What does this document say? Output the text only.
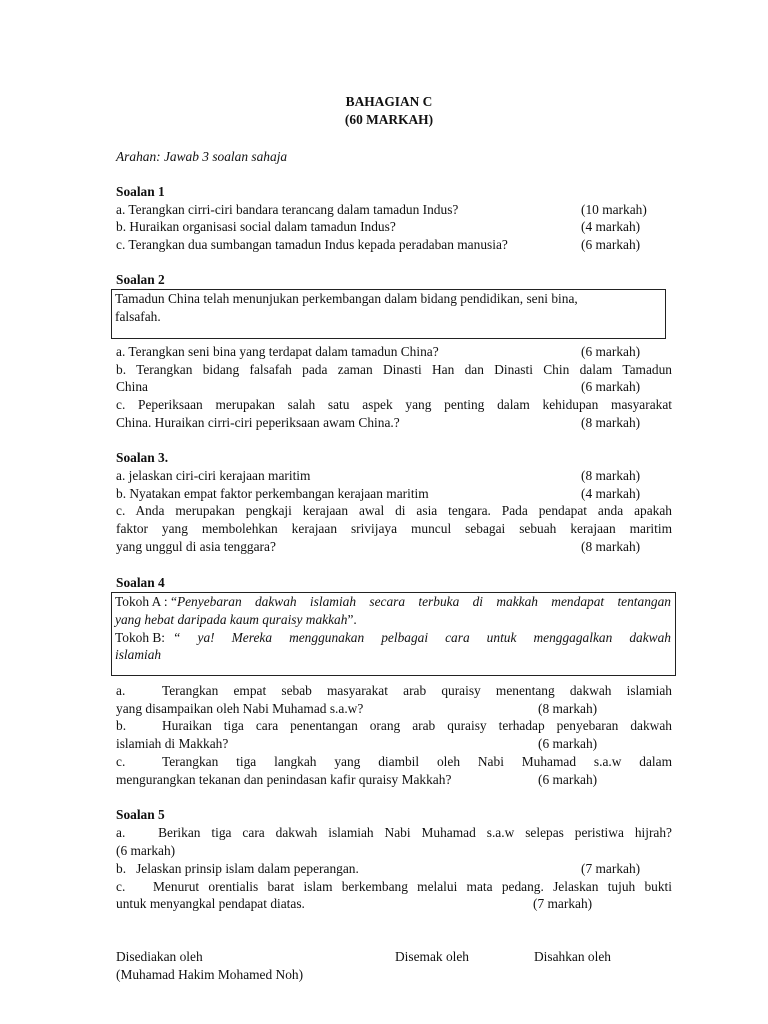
BAHAGIAN C
(60 MARKAH)
Arahan: Jawab 3 soalan sahaja
Soalan 1
a. Terangkan cirri-ciri bandara terancang dalam tamadun Indus?	(10 markah)
b. Huraikan organisasi social dalam tamadun Indus?	(4 markah)
c. Terangkan dua sumbangan tamadun Indus kepada peradaban manusia?	(6 markah)
Soalan 2
Tamadun China telah menunjukan perkembangan dalam bidang pendidikan, seni bina,
falsafah.
a. Terangkan seni bina yang terdapat dalam tamadun China?	(6 markah)
b. Terangkan bidang falsafah pada zaman Dinasti Han dan Dinasti Chin dalam Tamadun
China	(6 markah)
c. Peperiksaan merupakan salah satu aspek yang penting dalam kehidupan masyarakat
China. Huraikan cirri-ciri peperiksaan awam China.?	(8 markah)
Soalan 3.
a. jelaskan ciri-ciri kerajaan maritim	(8 markah)
b. Nyatakan empat faktor perkembangan kerajaan maritim	(4 markah)
c. Anda merupakan pengkaji kerajaan awal di asia tengara. Pada pendapat anda apakah
faktor yang membolehkan kerajaan srivijaya muncul sebagai sebuah kerajaan maritim
yang unggul di asia tenggara?	(8 markah)
Soalan 4
Tokoh A : “ Penyebaran dakwah islamiah secara terbuka di makkah mendapat tentangan
yang hebat daripada kaum quraisy makkah”.
Tokoh B: “ ya! Mereka menggunakan pelbagai cara untuk menggagalkan dakwah
islamiah
a.	Terangkan empat sebab masyarakat arab quraisy menentang dakwah islamiah
yang disampaikan oleh Nabi Muhamad s.a.w?	(8 markah)
b.	Huraikan tiga cara penentangan orang arab quraisy terhadap penyebaran dakwah
islamiah di Makkah?	(6 markah)
c.	Terangkan tiga langkah yang diambil oleh Nabi Muhamad s.a.w dalam
mengurangkan tekanan dan penindasan kafir quraisy Makkah?	(6 markah)
Soalan 5
a.   Berikan tiga cara dakwah islamiah Nabi Muhamad s.a.w selepas peristiwa hijrah?
(6 markah)
b.   Jelaskan prinsip islam dalam peperangan.	(7 markah)
c.   Menurut orentialis barat islam berkembang melalui mata pedang. Jelaskan tujuh bukti
untuk menyangkal pendapat diatas.	(7 markah)
Disediakan oleh	Disemak oleh	Disahkan oleh
(Muhamad Hakim Mohamed Noh)
